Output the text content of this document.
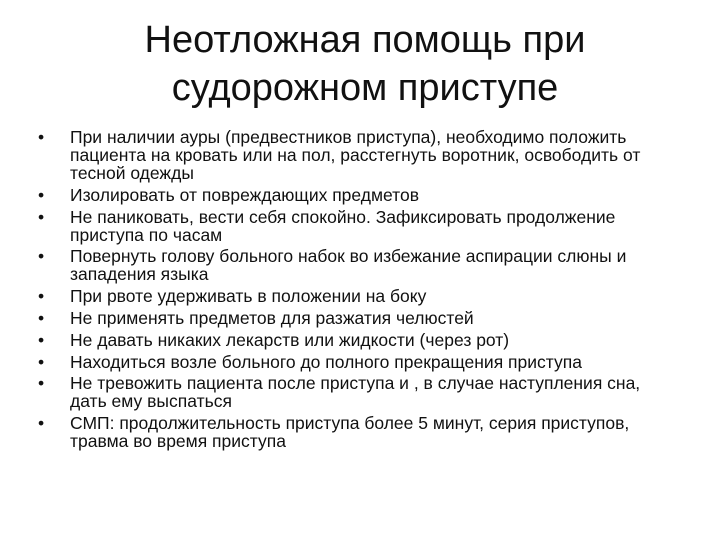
Неотложная помощь при
судорожном приступе
•	При наличии ауры (предвестников приступа), необходимо положить пациента на кровать или на пол, расстегнуть воротник, освободить от тесной одежды
•	Изолировать от повреждающих предметов
•	Не паниковать, вести себя спокойно. Зафиксировать продолжение приступа по часам
•	Повернуть голову больного набок во избежание аспирации слюны и западения языка
•	При рвоте удерживать в положении на боку
•	Не применять предметов для разжатия челюстей
•	Не давать никаких лекарств или жидкости (через рот)
•	Находиться возле больного до полного прекращения приступа
•	Не тревожить пациента после приступа и , в случае наступления сна, дать ему выспаться
•	СМП: продолжительность приступа более 5 минут, серия приступов, травма во время приступа
